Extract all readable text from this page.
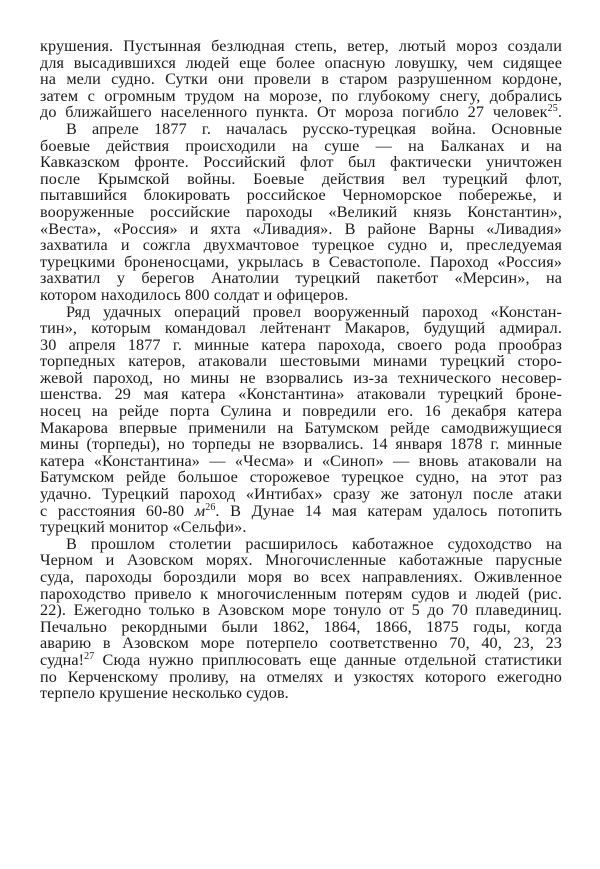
крушения. Пустынная безлюдная степь, ветер, лютый мороз создали
для высадившихся людей еще более опасную ловушку, чем сидящее
на мели судно. Сутки они провели в старом разрушенном кордоне,
затем с огромным трудом на морозе, по глубокому снегу, добрались
до ближайшего населенного пункта. От мороза погибло 27 человек$^{25}$.
В апреле 1877 г. началась русско-турецкая война. Основные
боевые действия происходили на суше — на Балканах и на
Кавказском фронте. Российский флот был фактически уничтожен
после Крымской войны. Боевые действия вел турецкий флот,
пытавшийся блокировать российское Черноморское побережье, и
вооруженные российские пароходы «Великий князь Константин»,
«Веста», «Россия» и яхта «Ливадия». В районе Варны «Ливадия»
захватила и сожгла двухмачтовое турецкое судно и, преследуемая
турецкими броненосцами, укрылась в Севастополе. Пароход «Россия»
захватил у берегов Анатолии турецкий пакетбот «Мерсин», на
котором находилось 800 солдат и офицеров.
Ряд удачных операций провел вооруженный пароход «Констан-
тин», которым командовал лейтенант Макаров, будущий адмирал.
30 апреля 1877 г. минные катера парохода, своего рода прообраз
торпедных катеров, атаковали шестовыми минами турецкий сторо-
жевой пароход, но мины не взорвались из-за технического несовер-
шенства. 29 мая катера «Константина» атаковали турецкий броне-
носец на рейде порта Сулина и повредили его. 16 декабря катера
Макарова впервые применили на Батумском рейде самодвижущиеся
мины (торпеды), но торпеды не взорвались. 14 января 1878 г. минные
катера «Константина» — «Чесма» и «Синоп» — вновь атаковали на
Батумском рейде большое сторожевое турецкое судно, на этот раз
удачно. Турецкий пароход «Интибах» сразу же затонул после атаки
с расстояния 60-80 $м^{26}$. В Дунае 14 мая катерам удалось потопить
турецкий монитор «Сельфи».
В прошлом столетии расширилось каботажное судоходство на
Черном и Азовском морях. Многочисленные каботажные парусные
суда, пароходы бороздили моря во всех направлениях. Оживленное
пароходство привело к многочисленным потерям судов и людей (рис.
22). Ежегодно только в Азовском море тонуло от 5 до 70 плавединиц.
Печально рекордными были 1862, 1864, 1866, 1875 годы, когда
аварию в Азовском море потерпело соответственно 70, 40, 23, 23
судна!$^{27}$ Сюда нужно приплюсовать еще данные отдельной статистики
по Керченскому проливу, на отмелях и узкостях которого ежегодно
терпело крушение несколько судов.
